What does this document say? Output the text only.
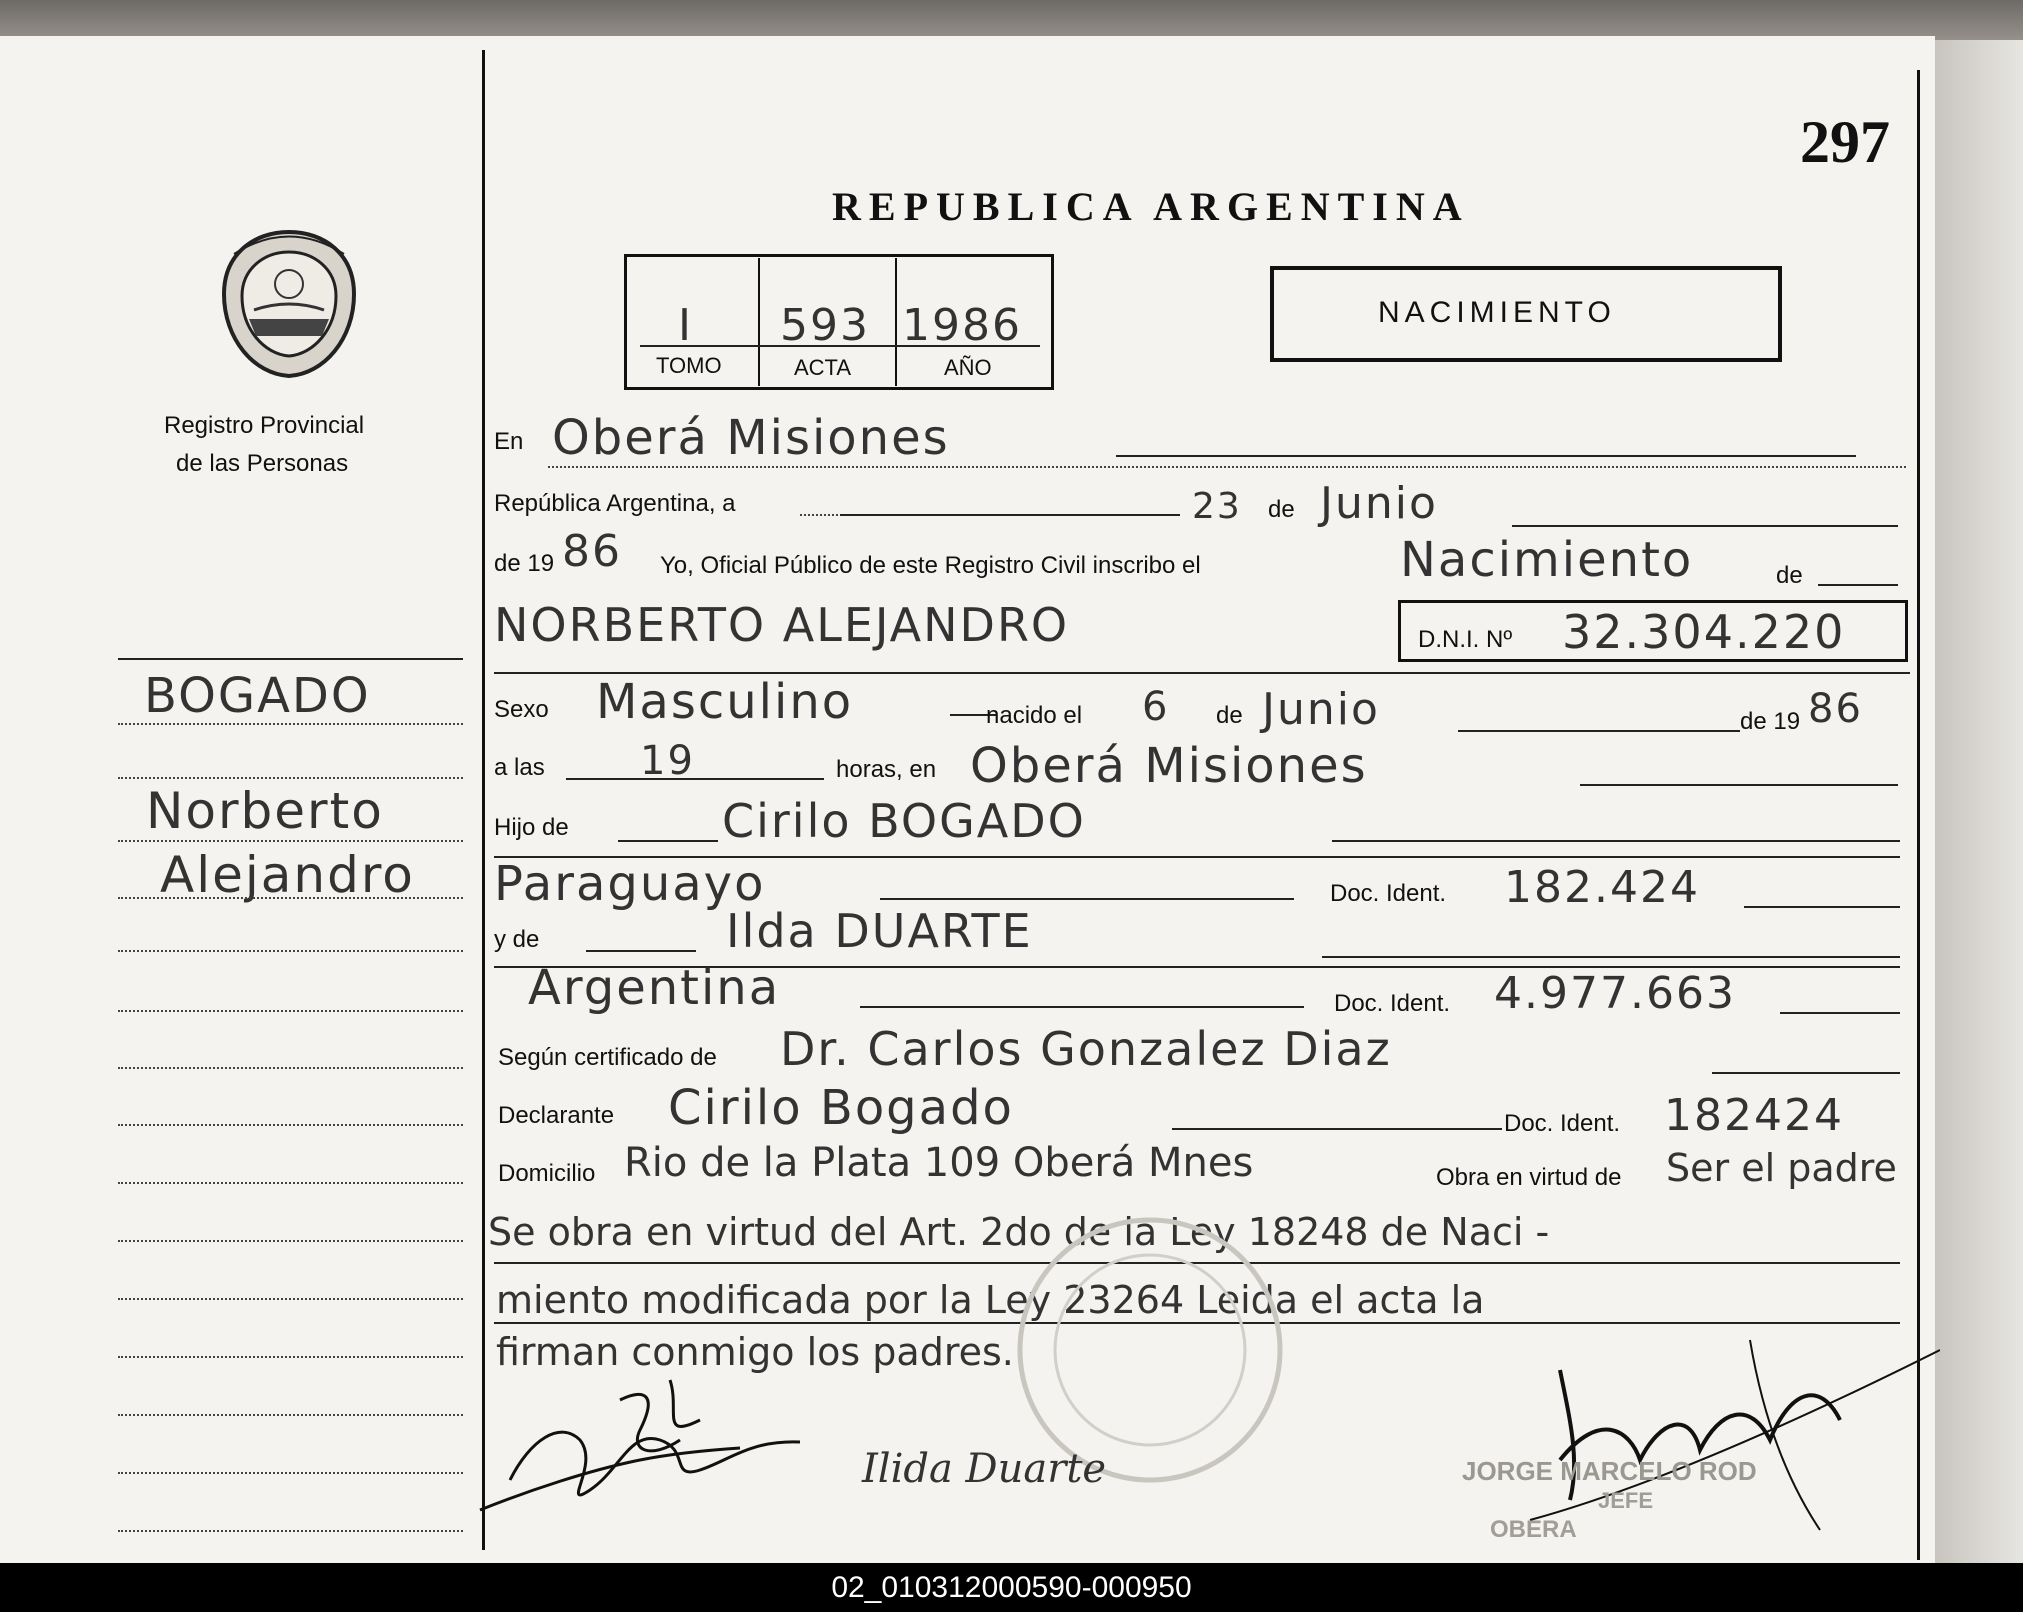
297
REPUBLICA ARGENTINA
I 593 1986
TOMO	ACTA	AÑO
NACIMIENTO
Registro Provincial
de las Personas
BOGADO
Norberto
Alejandro
En Oberá Misiones
República Argentina, a	23 de Junio
de 19 86 Yo, Oficial Público de este Registro Civil inscribo el	Nacimiento	de
NORBERTO ALEJANDRO	D.N.I. Nº 32.304.220
Sexo Masculino	nacido el 6 de Junio	de 19 86
a las 19	horas, en Oberá Misiones
Hijo de	Cirilo BOGADO
Paraguayo	Doc. Ident. 182.424
y de	Ilda DUARTE
Argentina	Doc. Ident. 4.977.663
Según certificado de Dr. Carlos Gonzalez Diaz
Declarante Cirilo Bogado	Doc. Ident. 182424
Domicilio Rio de la Plata 109 Oberá Mnes	Obra en virtud de Ser el padre
Se obra en virtud del Art. 2do de la Ley 18248 de Naci -
miento modificada por la Ley 23264 Leida el acta la
firman conmigo los padres.
Ilida Duarte	JORGE MARCELO ROD
JEFE
OBERA
02_010312000590-000950
